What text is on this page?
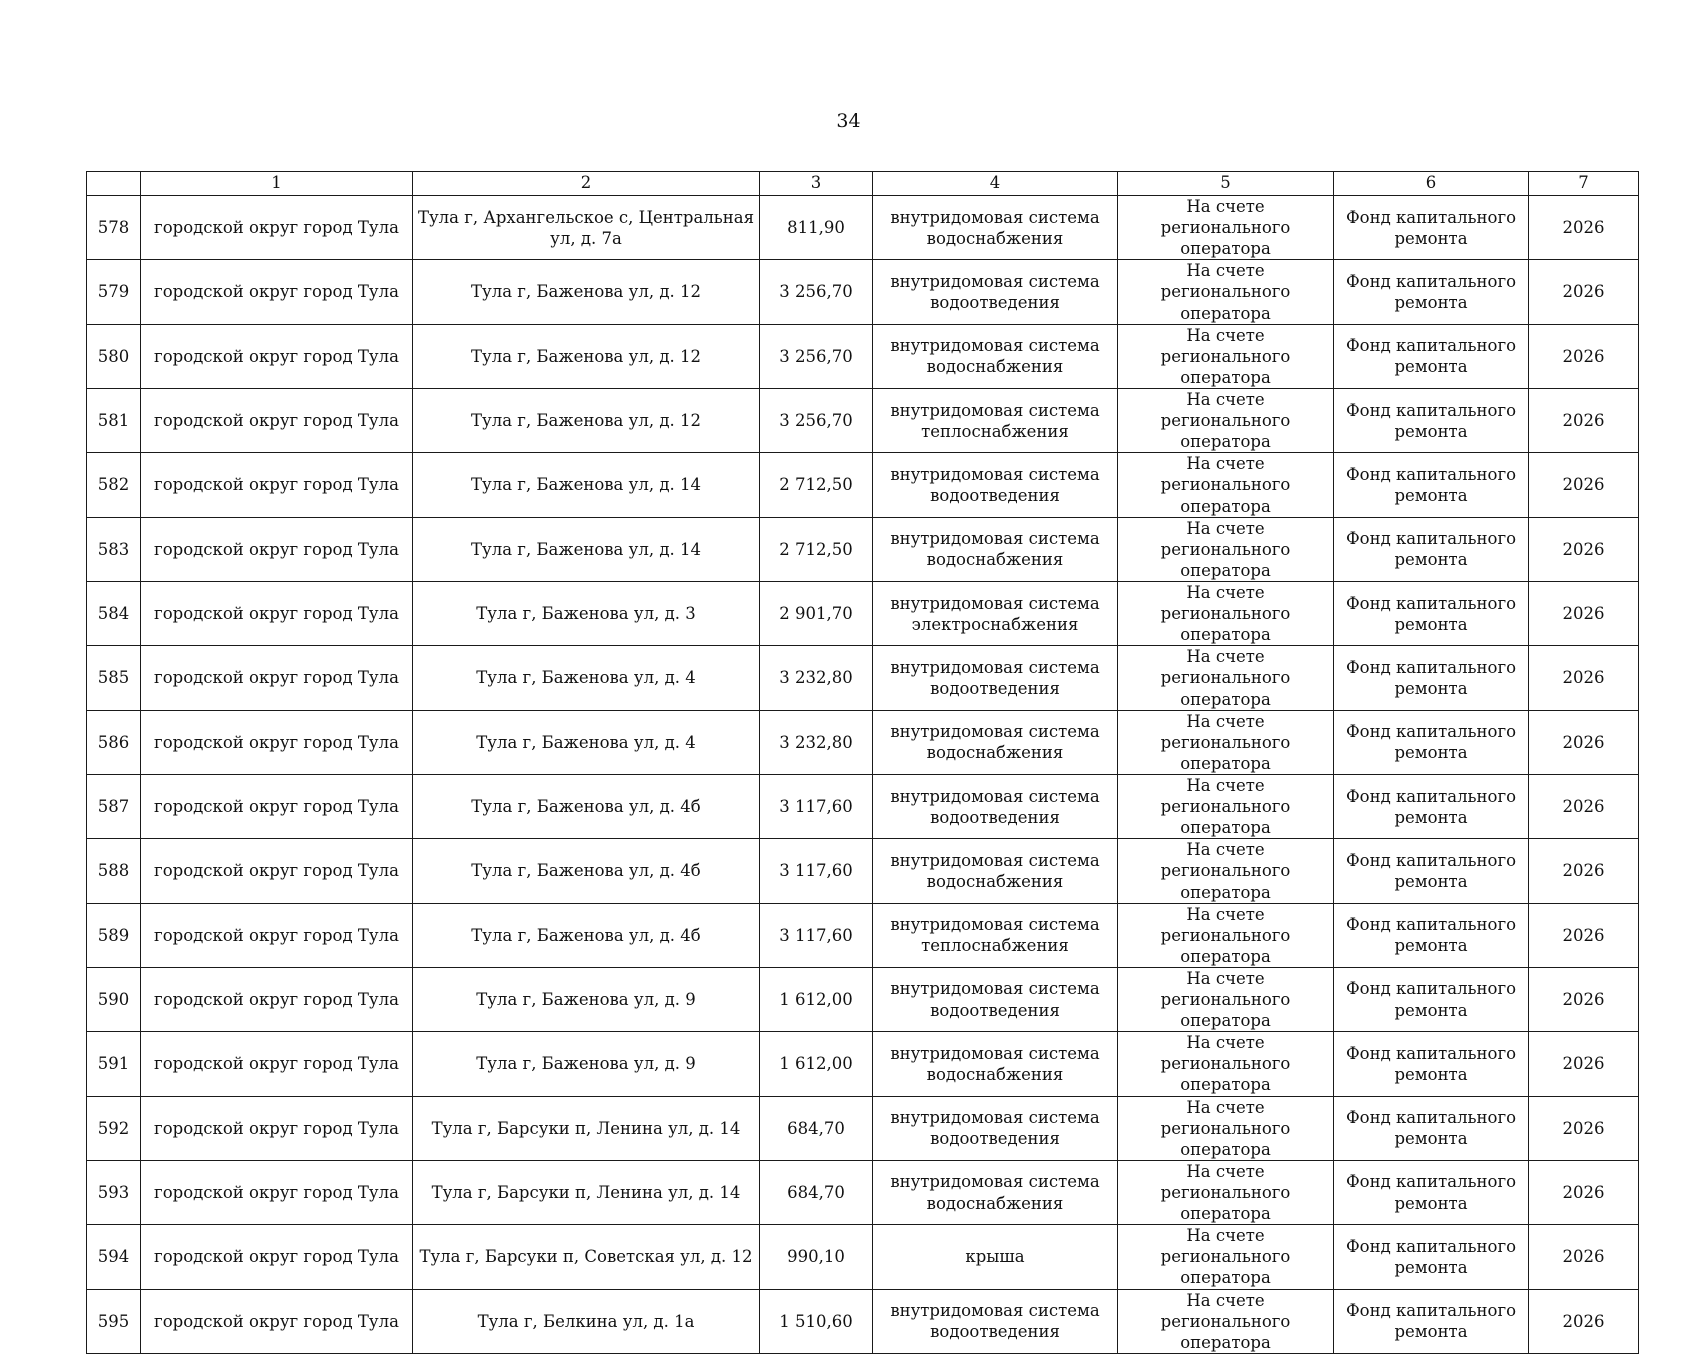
34
	1	2	3	4	5	6	7
578	городской округ город Тула	Тула г, Архангельское с, Центральная ул, д. 7а	811,90	внутридомовая система водоснабжения	На счете регионального оператора	Фонд капитального ремонта	2026
579	городской округ город Тула	Тула г, Баженова ул, д. 12	3 256,70	внутридомовая система водоотведения	На счете регионального оператора	Фонд капитального ремонта	2026
580	городской округ город Тула	Тула г, Баженова ул, д. 12	3 256,70	внутридомовая система водоснабжения	На счете регионального оператора	Фонд капитального ремонта	2026
581	городской округ город Тула	Тула г, Баженова ул, д. 12	3 256,70	внутридомовая система теплоснабжения	На счете регионального оператора	Фонд капитального ремонта	2026
582	городской округ город Тула	Тула г, Баженова ул, д. 14	2 712,50	внутридомовая система водоотведения	На счете регионального оператора	Фонд капитального ремонта	2026
583	городской округ город Тула	Тула г, Баженова ул, д. 14	2 712,50	внутридомовая система водоснабжения	На счете регионального оператора	Фонд капитального ремонта	2026
584	городской округ город Тула	Тула г, Баженова ул, д. 3	2 901,70	внутридомовая система электроснабжения	На счете регионального оператора	Фонд капитального ремонта	2026
585	городской округ город Тула	Тула г, Баженова ул, д. 4	3 232,80	внутридомовая система водоотведения	На счете регионального оператора	Фонд капитального ремонта	2026
586	городской округ город Тула	Тула г, Баженова ул, д. 4	3 232,80	внутридомовая система водоснабжения	На счете регионального оператора	Фонд капитального ремонта	2026
587	городской округ город Тула	Тула г, Баженова ул, д. 4б	3 117,60	внутридомовая система водоотведения	На счете регионального оператора	Фонд капитального ремонта	2026
588	городской округ город Тула	Тула г, Баженова ул, д. 4б	3 117,60	внутридомовая система водоснабжения	На счете регионального оператора	Фонд капитального ремонта	2026
589	городской округ город Тула	Тула г, Баженова ул, д. 4б	3 117,60	внутридомовая система теплоснабжения	На счете регионального оператора	Фонд капитального ремонта	2026
590	городской округ город Тула	Тула г, Баженова ул, д. 9	1 612,00	внутридомовая система водоотведения	На счете регионального оператора	Фонд капитального ремонта	2026
591	городской округ город Тула	Тула г, Баженова ул, д. 9	1 612,00	внутридомовая система водоснабжения	На счете регионального оператора	Фонд капитального ремонта	2026
592	городской округ город Тула	Тула г, Барсуки п, Ленина ул, д. 14	684,70	внутридомовая система водоотведения	На счете регионального оператора	Фонд капитального ремонта	2026
593	городской округ город Тула	Тула г, Барсуки п, Ленина ул, д. 14	684,70	внутридомовая система водоснабжения	На счете регионального оператора	Фонд капитального ремонта	2026
594	городской округ город Тула	Тула г, Барсуки п, Советская ул, д. 12	990,10	крыша	На счете регионального оператора	Фонд капитального ремонта	2026
595	городской округ город Тула	Тула г, Белкина ул, д. 1а	1 510,60	внутридомовая система водоотведения	На счете регионального оператора	Фонд капитального ремонта	2026
